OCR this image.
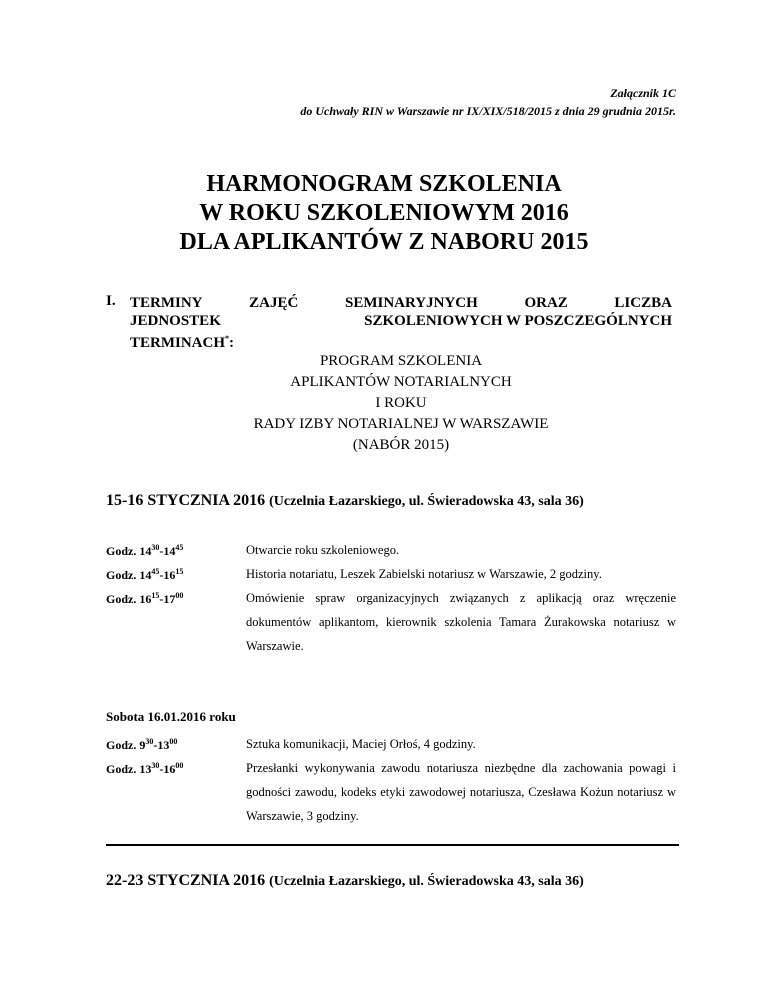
Załącznik 1C
do Uchwały RIN w Warszawie nr IX/XIX/518/2015 z dnia 29 grudnia 2015r.
HARMONOGRAM SZKOLENIA
W ROKU SZKOLENIOWYM 2016
DLA APLIKANTÓW Z NABORU 2015
I. TERMINY	ZAJĘĆ	SEMINARYJNYCH	ORAZ	LICZBA
JEDNOSTEK	SZKOLENIOWYCH W POSZCZEGÓLNYCH
TERMINACH*:
PROGRAM SZKOLENIA
APLIKANTÓW NOTARIALNYCH
I ROKU
RADY IZBY NOTARIALNEJ W WARSZAWIE
(NABÓR 2015)
15-16 STYCZNIA 2016 (Uczelnia Łazarskiego, ul. Świeradowska 43, sala 36)
Godz. $14^{30}-14^{45}$	Otwarcie roku szkoleniowego.
Godz. $14^{45}-16^{15}$	Historia notariatu, Leszek Zabielski notariusz w Warszawie, 2 godziny.
Godz. $16^{15}-17^{00}$	Omówienie spraw organizacyjnych związanych z aplikacją oraz wręczenie dokumentów aplikantom, kierownik szkolenia Tamara Żurakowska notariusz w Warszawie.
Sobota 16.01.2016 roku
Godz. $9^{30}-13^{00}$	Sztuka komunikacji, Maciej Orłoś, 4 godziny.
Godz. $13^{30}-16^{00}$	Przesłanki wykonywania zawodu notariusza niezbędne dla zachowania powagi i godności zawodu, kodeks etyki zawodowej notariusza, Czesława Kożun notariusz w Warszawie, 3 godziny.
22-23 STYCZNIA 2016 (Uczelnia Łazarskiego, ul. Świeradowska 43, sala 36)
